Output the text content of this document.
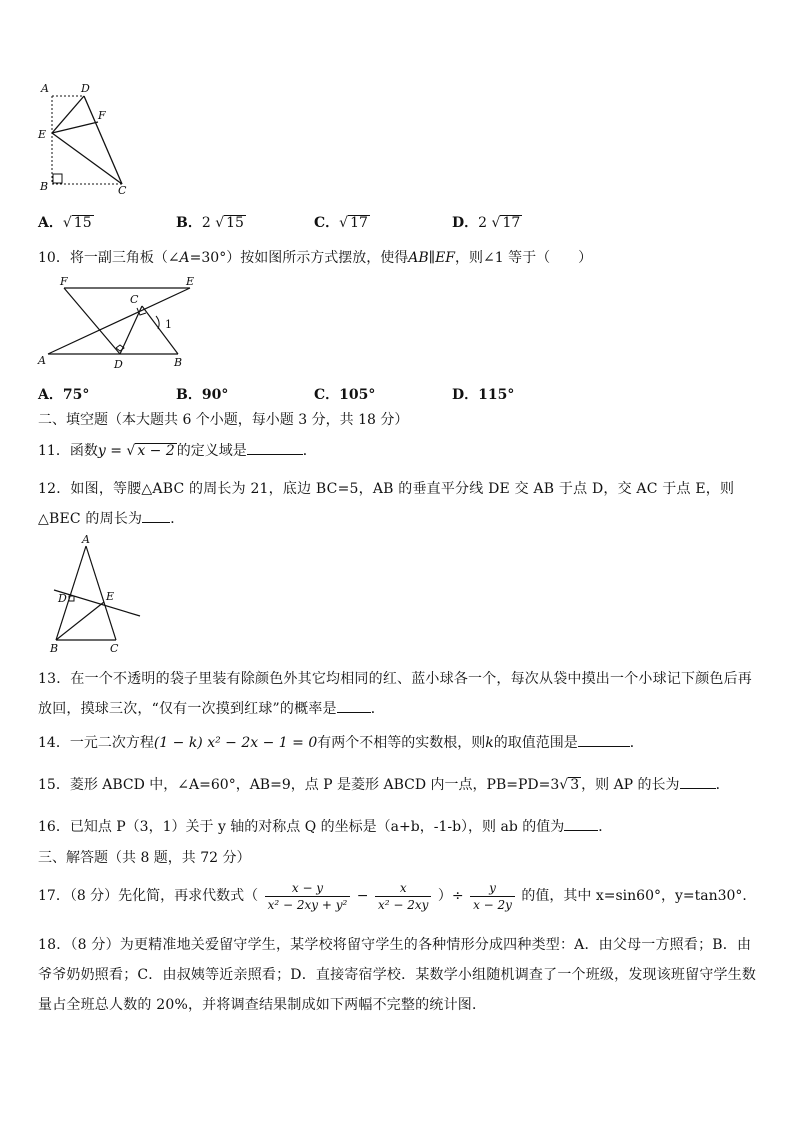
A	D
F
E
B	C
A．√ 15	B．2 √ 15	C．√ 17	D．2 √ 17
10．将一副三角板（∠A=30°）按如图所示方式摆放，使得AB∥EF，则∠1 等于（　　）
F	E
C
1
A	D	B
A．75°	B．90°	C．105°	D．115°
二、填空题（本大题共 6 个小题，每小题 3 分，共 18 分）
11．函数y = √ x − 2 的定义域是	．
12．如图，等腰△ABC 的周长为 21，底边 BC=5，AB 的垂直平分线 DE 交 AB 于点 D，交 AC 于点 E，则△BEC 的周长为 ．
A
D	E
B	C
13．在一个不透明的袋子里装有除颜色外其它均相同的红、蓝小球各一个，每次从袋中摸出一个小球记下颜色后再放回，摸球三次，“仅有一次摸到红球”的概率是 ．
14．一元二次方程(1 − k) x² − 2x − 1 = 0有两个不相等的实数根，则k的取值范围是	．
15．菱形 ABCD 中，∠A=60°，AB=9，点 P 是菱形 ABCD 内一点，PB=PD=3√ 3 ，则 AP 的长为	．
16．已知点 P（3，1）关于 y 轴的对称点 Q 的坐标是（a+b，-1-b），则 ab 的值为 ．
三、解答题（共 8 题，共 72 分）
17．（8 分）先化简，再求代数式（ $\frac{x - y}{\text{x² − 2xy + y²}} - \frac{x}{\text{x² − 2xy}}$ ）÷ $\frac{y}{x - 2y}$ 的值，其中 x=sin60°，y=tan30°．
18．（8 分）为更精准地关爱留守学生，某学校将留守学生的各种情形分成四种类型：A．由父母一方照看；B．由爷爷奶奶照看；C．由叔姨等近亲照看；D．直接寄宿学校．某数学小组随机调查了一个班级，发现该班留守学生数量占全班总人数的 20%，并将调查结果制成如下两幅不完整的统计图．
